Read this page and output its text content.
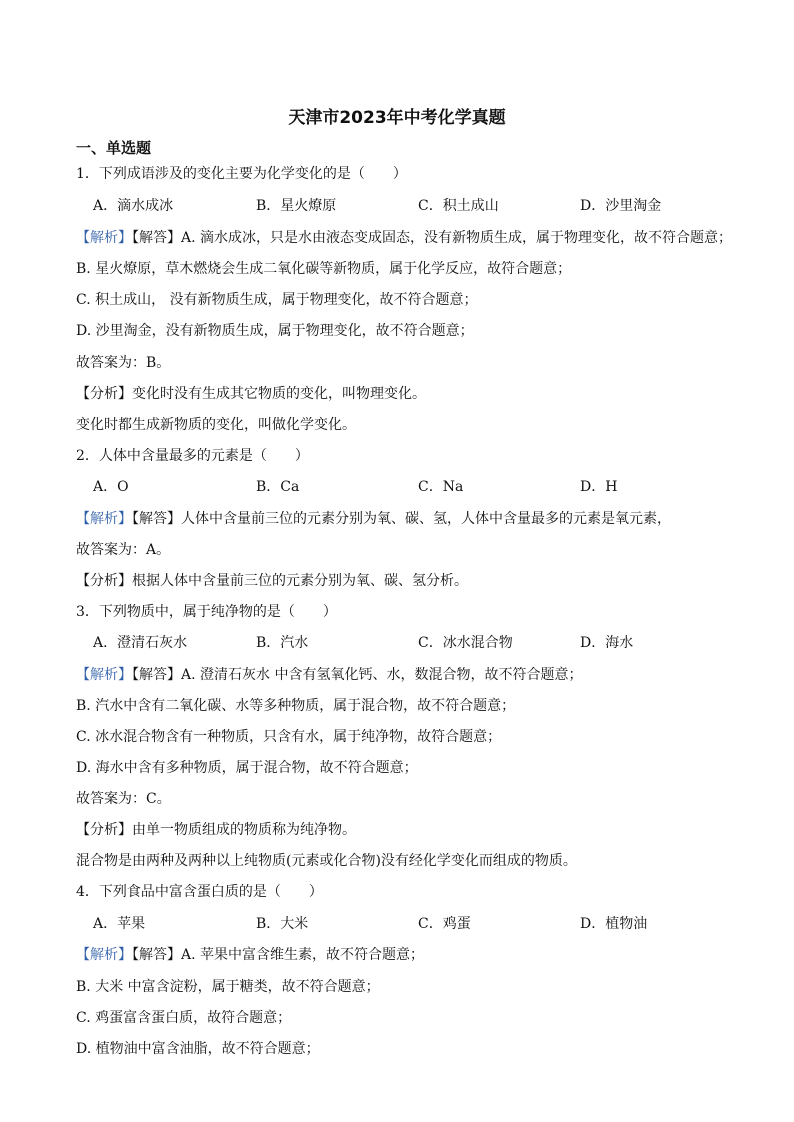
天津市2023年中考化学真题
一、单选题
1．下列成语涉及的变化主要为化学变化的是（　　）
A．滴水成冰	B．星火燎原	C．积土成山	D．沙里淘金
【解析】【解答】A. 滴水成冰，只是水由液态变成固态，没有新物质生成，属于物理变化，故不符合题意；
B. 星火燎原，草木燃烧会生成二氧化碳等新物质，属于化学反应，故符合题意；
C. 积土成山， 没有新物质生成，属于物理变化，故不符合题意；
D. 沙里淘金，没有新物质生成，属于物理变化，故不符合题意；
故答案为：B。
【分析】变化时没有生成其它物质的变化，叫物理变化。
变化时都生成新物质的变化，叫做化学变化。
2．人体中含量最多的元素是（　　）
A．O	B．Ca	C．Na	D．H
【解析】【解答】人体中含量前三位的元素分别为氧、碳、氢，人体中含量最多的元素是氧元素，
故答案为：A。
【分析】根据人体中含量前三位的元素分别为氧、碳、氢分析。
3．下列物质中，属于纯净物的是（　　）
A．澄清石灰水	B．汽水	C．冰水混合物	D．海水
【解析】【解答】A. 澄清石灰水 中含有氢氧化钙、水，数混合物，故不符合题意；
B. 汽水中含有二氧化碳、水等多种物质，属于混合物，故不符合题意；
C. 冰水混合物含有一种物质，只含有水，属于纯净物，故符合题意；
D. 海水中含有多种物质，属于混合物，故不符合题意；
故答案为：C。
【分析】由单一物质组成的物质称为纯净物。
混合物是由两种及两种以上纯物质(元素或化合物)没有经化学变化而组成的物质。
4．下列食品中富含蛋白质的是（　　）
A．苹果	B．大米	C．鸡蛋	D．植物油
【解析】【解答】A. 苹果中富含维生素，故不符合题意；
B. 大米 中富含淀粉，属于糖类，故不符合题意；
C. 鸡蛋富含蛋白质，故符合题意；
D. 植物油中富含油脂，故不符合题意；
